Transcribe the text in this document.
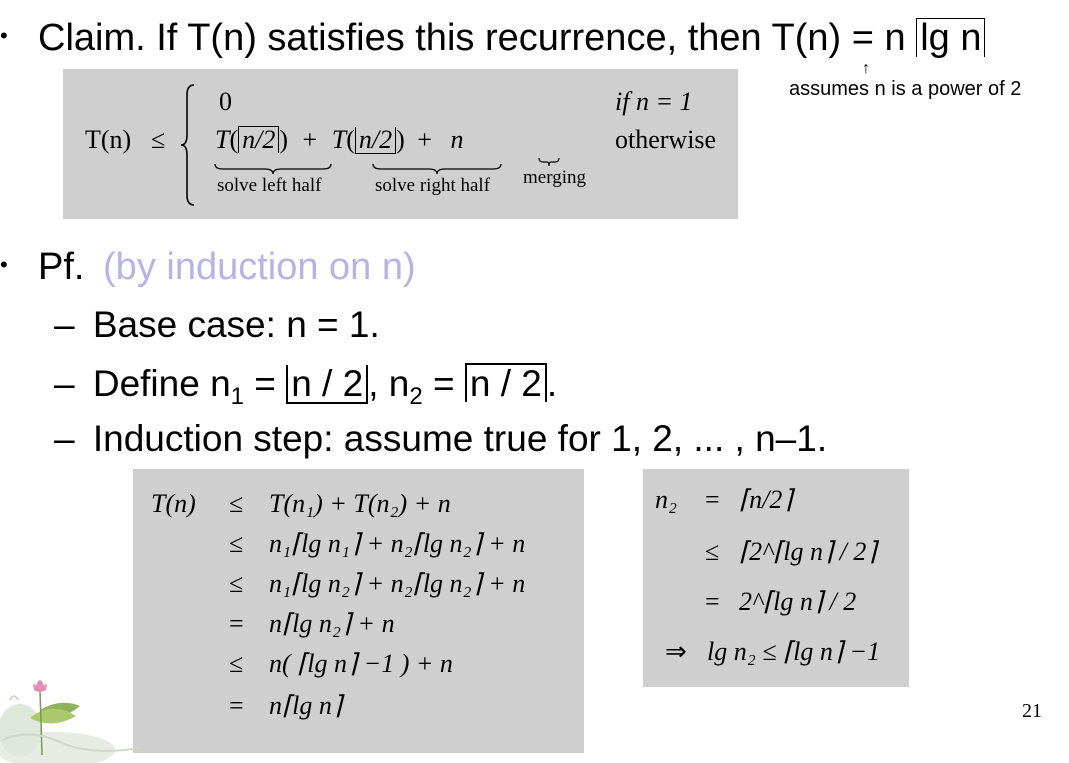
• Claim. If T(n) satisfies this recurrence, then T(n) = n lg n
↑
assumes n is a power of 2
T(n) ≤
0	if n = 1
T( n/2 ) + T( n/2 ) + n	otherwise
solve left half	solve right half merging
• Pf. (by induction on n)
– Base case: n = 1.
– Define $n_1 = n / 2$ , $n_2 = n / 2$ .
– Induction step: assume true for 1, 2, ... , n–1.
T(n) ≤ T(n₁) + T(n₂) + n
≤ n₁⌈lg n₁⌉ + n₂⌈lg n₂⌉ + n
≤ n₁⌈lg n₂⌉ + n₂⌈lg n₂⌉ + n
= n⌈lg n₂⌉ + n
≤ n( ⌈lg n⌉ −1 ) + n
= n⌈lg n⌉
n₂ = ⌈n/2⌉
≤ ⌈2^⌈lg n⌉ / 2⌉
= 2^⌈lg n⌉ / 2
⇒ lg n₂ ≤ ⌈lg n⌉ −1
21
